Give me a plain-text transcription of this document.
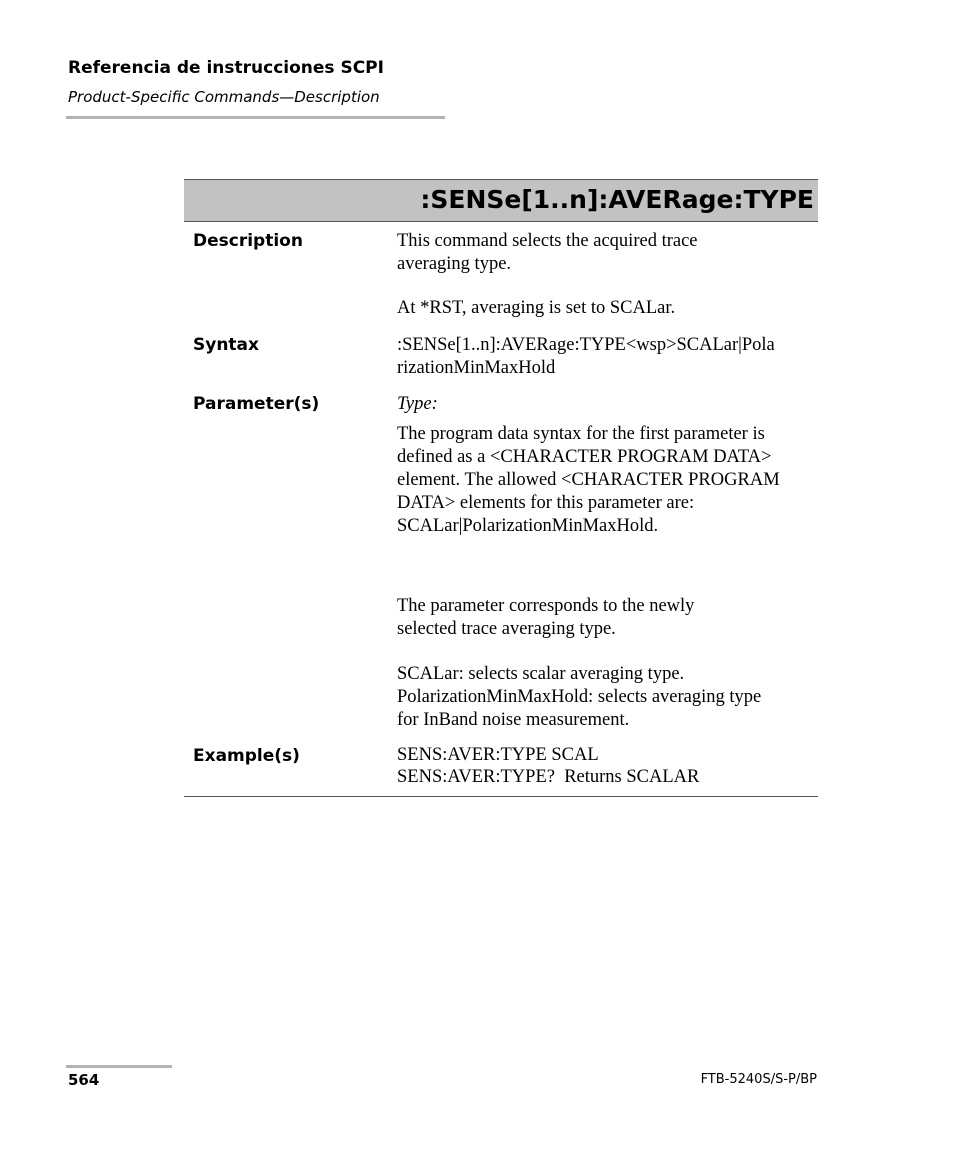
Referencia de instrucciones SCPI
Product-Specific Commands—Description
:SENSe[1..n]:AVERage:TYPE
Description	This command selects the acquired trace

averaging type.

At *RST, averaging is set to SCALar.

Syntax	:SENSe[1..n]:AVERage:TYPE<wsp>SCALar|Pola

rizationMinMaxHold

Parameter(s)	Type:

The program data syntax for the first parameter is

defined as a <CHARACTER PROGRAM DATA>

element. The allowed <CHARACTER PROGRAM

DATA> elements for this parameter are:

SCALar|PolarizationMinMaxHold.

The parameter corresponds to the newly

selected trace averaging type.

SCALar: selects scalar averaging type.

PolarizationMinMaxHold: selects averaging type

for InBand noise measurement.

Example(s)	SENS:AVER:TYPE SCAL

SENS:AVER:TYPE?  Returns SCALAR

564	FTB-5240S/S-P/BP
